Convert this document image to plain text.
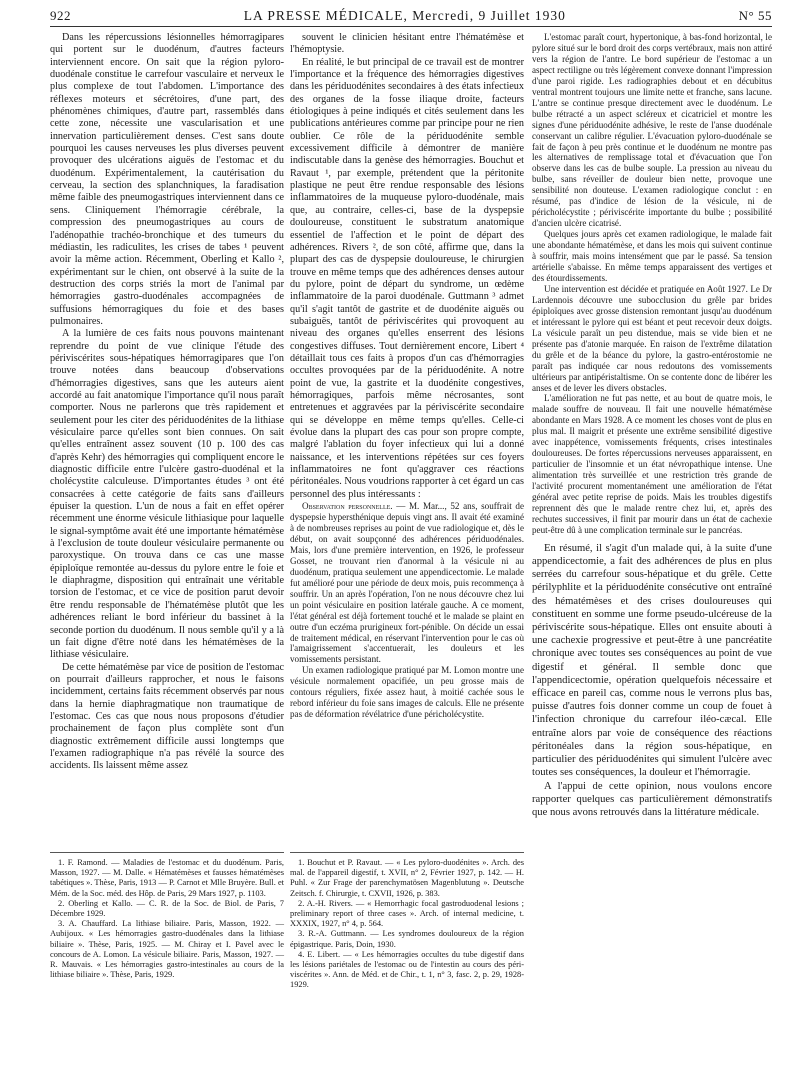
922	LA PRESSE MÉDICALE, Mercredi, 9 Juillet 1930	N° 55

Dans les répercussions lésionnelles hémorragipares qui portent sur le duodénum, d'autres facteurs interviennent encore. On sait que la région pyloro-duodénale constitue le carrefour vasculaire et nerveux le plus complexe de tout l'abdomen. L'importance des réflexes moteurs et sécrétoires, d'une part, des phénomènes chimiques, d'autre part, rassemblés dans cette zone, nécessite une vascularisation et une innervation particulièrement denses. C'est sans doute pourquoi les causes nerveuses les plus diverses peuvent provoquer des ulcérations aiguës de l'estomac et du duodénum. Expérimentalement, la cautérisation du cerveau, la section des splanchniques, la faradisation même faible des pneumogastriques interviennent dans ce sens. Cliniquement l'hémorragie cérébrale, la compression des pneumogastriques au cours de l'adénopathie trachéo-bronchique et des tumeurs du médiastin, les radiculites, les crises de tabes ¹ peuvent avoir la même action. Récemment, Oberling et Kallo ², expérimentant sur le chien, ont observé à la suite de la destruction des corps striés la mort de l'animal par hémorragies gastro-duodénales accompagnées de suffusions hémorragiques du foie et des bases pulmonaires.

A la lumière de ces faits nous pouvons maintenant reprendre du point de vue clinique l'étude des périviscérites sous-hépatiques hémorragipares que l'on trouve notées dans beaucoup d'observations d'hémorragies digestives, sans que les auteurs aient accordé au fait anatomique l'importance qu'il nous paraît comporter. Nous ne parlerons que très rapidement et seulement pour les citer des périduodénites de la lithiase vésiculaire parce qu'elles sont bien connues. On sait qu'elles entraînent assez souvent (10 p. 100 des cas d'après Kehr) des hémorragies qui compliquent encore le diagnostic difficile entre l'ulcère gastro-duodénal et la cholécystite calculeuse. D'importantes études ³ ont été consacrées à cette catégorie de faits sans d'ailleurs épuiser la question. L'un de nous a fait en effet opérer récemment une énorme vésicule lithiasique pour laquelle le signal-symptôme avait été une importante hématémèse à l'exclusion de toute douleur vésiculaire permanente ou paroxystique. On trouva dans ce cas une masse épiploïque remontée au-dessus du pylore entre le foie et le diaphragme, disposition qui entraînait une véritable torsion de l'estomac, et ce vice de position parut devoir être rendu responsable de l'hématémèse plutôt que les adhérences reliant le bord inférieur du bassinet à la seconde portion du duodénum. Il nous semble qu'il y a là un fait digne d'être noté dans les hématémèses de la lithiase vésiculaire.

De cette hématémèse par vice de position de l'estomac on pourrait d'ailleurs rapprocher, et nous le faisons incidemment, certains faits récemment observés par nous dans la hernie diaphragmatique non traumatique de l'estomac. Ces cas que nous nous proposons d'étudier prochainement de façon plus complète sont d'un diagnostic extrêmement difficile aussi longtemps que l'examen radiographique n'a pas révélé la source des accidents. Ils laissent même assez

souvent le clinicien hésitant entre l'hématémèse et l'hémoptysie.

En réalité, le but principal de ce travail est de montrer l'importance et la fréquence des hémorragies digestives dans les périduodénites secondaires à des états infectieux des organes de la fosse iliaque droite, facteurs étiologiques à peine indiqués et cités seulement dans les publications antérieures comme par principe pour ne rien oublier. Ce rôle de la périduodénite semble excessivement difficile à démontrer de manière indiscutable dans la genèse des hémorragies. Bouchut et Ravaut ¹, par exemple, prétendent que la péritonite plastique ne peut être rendue responsable des lésions inflammatoires de la muqueuse pyloro-duodénale, mais que, au contraire, celles-ci, base de la dyspepsie douloureuse, constituent le substratum anatomique essentiel de l'affection et le point de départ des adhérences. Rivers ², de son côté, affirme que, dans la plupart des cas de dyspepsie douloureuse, le chirurgien trouve en même temps que des adhérences denses autour du pylore, point de départ du syndrome, un œdème inflammatoire de la paroi duodénale. Guttmann ³ admet qu'il s'agit tantôt de gastrite et de duodénite aiguës ou subaiguës, tantôt de périviscérites qui provoquent au niveau des organes qu'elles enserrent des lésions congestives diffuses. Tout dernièrement encore, Libert ⁴ détaillait tous ces faits à propos d'un cas d'hémorragies occultes provoquées par de la périduodénite. A notre point de vue, la gastrite et la duodénite congestives, hémorragiques, parfois même nécrosantes, sont entretenues et aggravées par la périviscérite secondaire qui se développe en même temps qu'elles. Celle-ci évolue dans la plupart des cas pour son propre compte, malgré l'ablation du foyer infectieux qui lui a donné naissance, et les interventions répétées sur ces foyers inflammatoires ne font qu'aggraver ces réactions péritonéales. Nous voudrions rapporter à cet égard un cas personnel des plus intéressants :

Observation personnelle. — M. Mar..., 52 ans, souffrait de dyspepsie hypersthénique depuis vingt ans. Il avait été examiné à de nombreuses reprises au point de vue radiologique et, dès le début, on avait soupçonné des adhérences périduodénales. Mais, lors d'une première intervention, en 1926, le professeur Gosset, ne trouvant rien d'anormal à la vésicule ni au duodénum, pratiqua seulement une appendicectomie. Le malade fut amélioré pour une période de deux mois, puis recommença à souffrir. Un an après l'opération, l'on ne nous découvre chez lui un point vésiculaire en position latérale gauche. A ce moment, l'état général est déjà fortement touché et le malade se plaint en outre d'un eczéma prurigineux fort-pénible. On décide un essai de traitement médical, en réservant l'intervention pour le cas où l'amaigrissement s'accentuerait, les douleurs et les vomissements persistant.

Un examen radiologique pratiqué par M. Lomon montre une vésicule normalement opacifiée, un peu grosse mais de contours réguliers, fixée assez haut, à moitié cachée sous le rebord inférieur du foie sans images de calculs. Elle ne présente pas de déformation révélatrice d'une péricholécystite.

L'estomac paraît court, hypertonique, à bas-fond horizontal, le pylore situé sur le bord droit des corps vertébraux, mais non attiré vers la région de l'antre. Le bord supérieur de l'estomac a un aspect rectiligne ou très légèrement convexe donnant l'impression d'une paroi rigide. Les radiographies debout et en décubitus ventral montrent toujours une limite nette et franche, sans lacune. L'antre se continue presque directement avec le duodénum. Le bulbe rétracté a un aspect scléreux et cicatriciel et montre les signes d'une périduodénite adhésive, le reste de l'anse duodénale conservant un calibre régulier. L'évacuation pyloro-duodénale se fait de façon à peu près continue et le duodénum ne montre pas les alternatives de remplissage total et d'évacuation que l'on observe dans les cas de bulbe souple. La pression au niveau du bulbe, sans réveiller de douleur bien nette, provoque une sensibilité non douteuse. L'examen radiologique conclut : en résumé, pas d'indice de lésion de la vésicule, ni de péricholécystite ; périviscérite importante du bulbe ; possibilité d'ancien ulcère cicatrisé.

Quelques jours après cet examen radiologique, le malade fait une abondante hématémèse, et dans les mois qui suivent continue à souffrir, mais moins intensément que par le passé. Sa tension artérielle s'abaisse. En même temps apparaissent des vertiges et des étourdissements.

Une intervention est décidée et pratiquée en Août 1927. Le Dr Lardennois découvre une subocclusion du grêle par brides épiploïques avec grosse distension remontant jusqu'au duodénum et intéressant le pylore qui est béant et peut recevoir deux doigts. La vésicule paraît un peu distendue, mais se vide bien et ne présente pas d'atonie marquée. En raison de l'extrême dilatation du grêle et de la béance du pylore, la gastro-entérostomie ne paraît pas indiquée car nous redoutons des vomissements ultérieurs par antipéristaltisme. On se contente donc de libérer les anses et de lever les divers obstacles.

L'amélioration ne fut pas nette, et au bout de quatre mois, le malade souffre de nouveau. Il fait une nouvelle hématémèse abondante en Mars 1928. A ce moment les choses vont de plus en plus mal. Il maigrit et présente une extrême sensibilité digestive avec inappétence, vomissements fréquents, crises intestinales douloureuses. De fortes répercussions nerveuses apparaissent, en particulier de l'insomnie et un état névropathique intense. Une alimentation très surveillée et une restriction très grande de l'activité procurent momentanément une amélioration de l'état général avec petite reprise de poids. Mais les troubles digestifs reprennent dès que le malade rentre chez lui, et, après des rechutes successives, il finit par mourir dans un état de cachexie peut-être dû à une complication terminale sur le pancréas.

En résumé, il s'agit d'un malade qui, à la suite d'une appendicectomie, a fait des adhérences de plus en plus serrées du carrefour sous-hépatique et du grêle. Cette périlyphlite et la périduodénite consécutive ont entraîné des hématémèses et des crises douloureuses qui constituent en somme une forme pseudo-ulcéreuse de la périviscérite sous-hépatique. Elles ont ensuite abouti à une cachexie progressive et peut-être à une pancréatite chronique avec toutes ses conséquences au point de vue digestif et général. Il semble donc que l'appendicectomie, opération quelquefois nécessaire et efficace en pareil cas, comme nous le verrons plus bas, puisse d'autres fois donner comme un coup de fouet à l'infection chronique du carrefour iléo-cæcal. Elle entraîne alors par voie de conséquence des réactions péritonéales dans la région sous-hépatique, en particulier des périduodénites qui simulent l'ulcère avec toutes ses conséquences, la douleur et l'hémorragie.

A l'appui de cette opinion, nous voulons encore rapporter quelques cas particulièrement démonstratifs que nous avons retrouvés dans la littérature médicale.

1. F. Ramond. — Maladies de l'estomac et du duodénum. Paris, Masson, 1927. — M. Dalle. « Hématémèses et fausses hématémèses tabétiques ». Thèse, Paris, 1913 — P. Carnot et Mlle Bruyère. Bull. et Mém. de la Soc. méd. des Hôp. de Paris, 29 Mars 1927, p. 1103.

2. Oberling et Kallo. — C. R. de la Soc. de Biol. de Paris, 7 Décembre 1929.

3. A. Chauffard. La lithiase biliaire. Paris, Masson, 1922. — Aubijoux. « Les hémorragies gastro-duodénales dans la lithiase biliaire ». Thèse, Paris, 1925. — M. Chiray et I. Pavel avec le concours de A. Lomon. La vésicule biliaire. Paris, Masson, 1927. — R. Mauvais. « Les hémorragies gastro-intestinales au cours de la lithiase biliaire ». Thèse, Paris, 1929.

1. Bouchut et P. Ravaut. — « Les pyloro-duodénites ». Arch. des mal. de l'appareil digestif, t. XVII, n° 2, Février 1927, p. 142. — H. Puhl. « Zur Frage der parenchymatösen Magenblutung ». Deutsche Zeitsch. f. Chirurgie, t. CXVII, 1926, p. 383.

2. A.-H. Rivers. — « Hemorrhagic focal gastroduodenal lesions ; preliminary report of three cases ». Arch. of internal medicine, t. XXXIX, 1927, n° 4, p. 564.

3. R.-A. Guttmann. — Les syndromes douloureux de la région épigastrique. Paris, Doin, 1930.

4. E. Libert. — « Les hémorragies occultes du tube digestif dans les lésions pariétales de l'estomac ou de l'intestin au cours des péri-viscérites ». Ann. de Méd. et de Chir., t. 1, n° 3, fasc. 2, p. 29, 1928-1929.
